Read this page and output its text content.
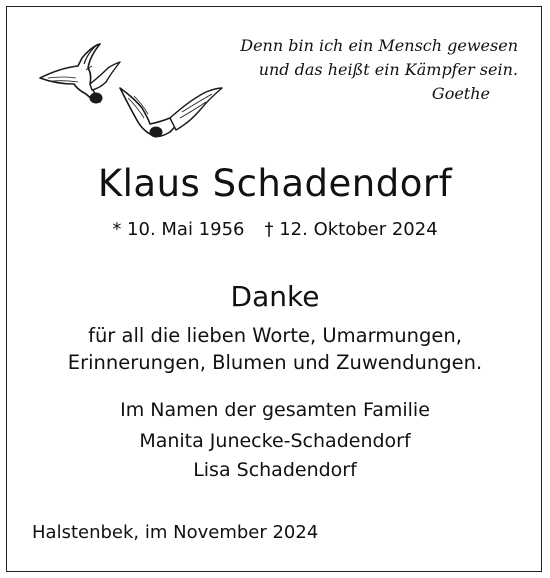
Denn bin ich ein Mensch gewesen
und das heißt ein Kämpfer sein.
Goethe
Klaus Schadendorf
* 10. Mai 1956 † 12. Oktober 2024
Danke
für all die lieben Worte, Umarmungen,
Erinnerungen, Blumen und Zuwendungen.
Im Namen der gesamten Familie
Manita Junecke-Schadendorf
Lisa Schadendorf
Halstenbek, im November 2024
